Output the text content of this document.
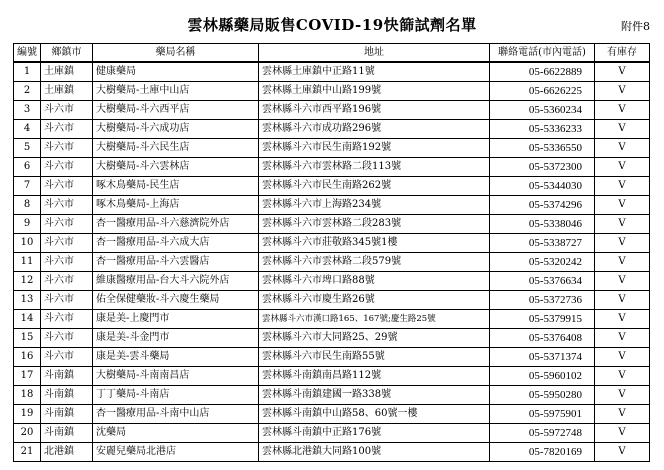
雲林縣藥局販售COVID-19快篩試劑名單	附件8
編號	鄉鎮市	藥局名稱	地址	聯絡電話(市內電話)	有庫存
1	土庫鎮	健康藥局	雲林縣土庫鎮中正路11號	05-6622889	V
2	土庫鎮	大樹藥局-土庫中山店	雲林縣土庫鎮中山路199號	05-6626225	V
3	斗六市	大樹藥局-斗六西平店	雲林縣斗六市西平路196號	05-5360234	V
4	斗六市	大樹藥局-斗六成功店	雲林縣斗六市成功路296號	05-5336233	V
5	斗六市	大樹藥局-斗六民生店	雲林縣斗六市民生南路192號	05-5336550	V
6	斗六市	大樹藥局-斗六雲林店	雲林縣斗六市雲林路二段113號	05-5372300	V
7	斗六市	啄木鳥藥局-民生店	雲林縣斗六市民生南路262號	05-5344030	V
8	斗六市	啄木鳥藥局-上海店	雲林縣斗六市上海路234號	05-5374296	V
9	斗六市	杏一醫療用品-斗六慈濟院外店	雲林縣斗六市雲林路二段283號	05-5338046	V
10	斗六市	杏一醫療用品-斗六成大店	雲林縣斗六市莊敬路345號1樓	05-5338727	V
11	斗六市	杏一醫療用品-斗六雲醫店	雲林縣斗六市雲林路二段579號	05-5320242	V
12	斗六市	維康醫療用品-台大斗六院外店	雲林縣斗六市埤口路88號	05-5376634	V
13	斗六市	佑全保健藥妝-斗六慶生藥局	雲林縣斗六市慶生路26號	05-5372736	V
14	斗六市	康是美-上慶門市	雲林縣斗六市漢口路165、167號;慶生路25號	05-5379915	V
15	斗六市	康是美-斗金門市	雲林縣斗六市大同路25、29號	05-5376408	V
16	斗六市	康是美-雲斗藥局	雲林縣斗六市民生南路55號	05-5371374	V
17	斗南鎮	大樹藥局-斗南南昌店	雲林縣斗南鎮南昌路112號	05-5960102	V
18	斗南鎮	丁丁藥局-斗南店	雲林縣斗南鎮建國一路338號	05-5950280	V
19	斗南鎮	杏一醫療用品-斗南中山店	雲林縣斗南鎮中山路58、60號一樓	05-5975901	V
20	斗南鎮	沈藥局	雲林縣斗南鎮中正路176號	05-5972748	V
21	北港鎮	安麗兒藥局北港店	雲林縣北港鎮大同路100號	05-7820169	V
